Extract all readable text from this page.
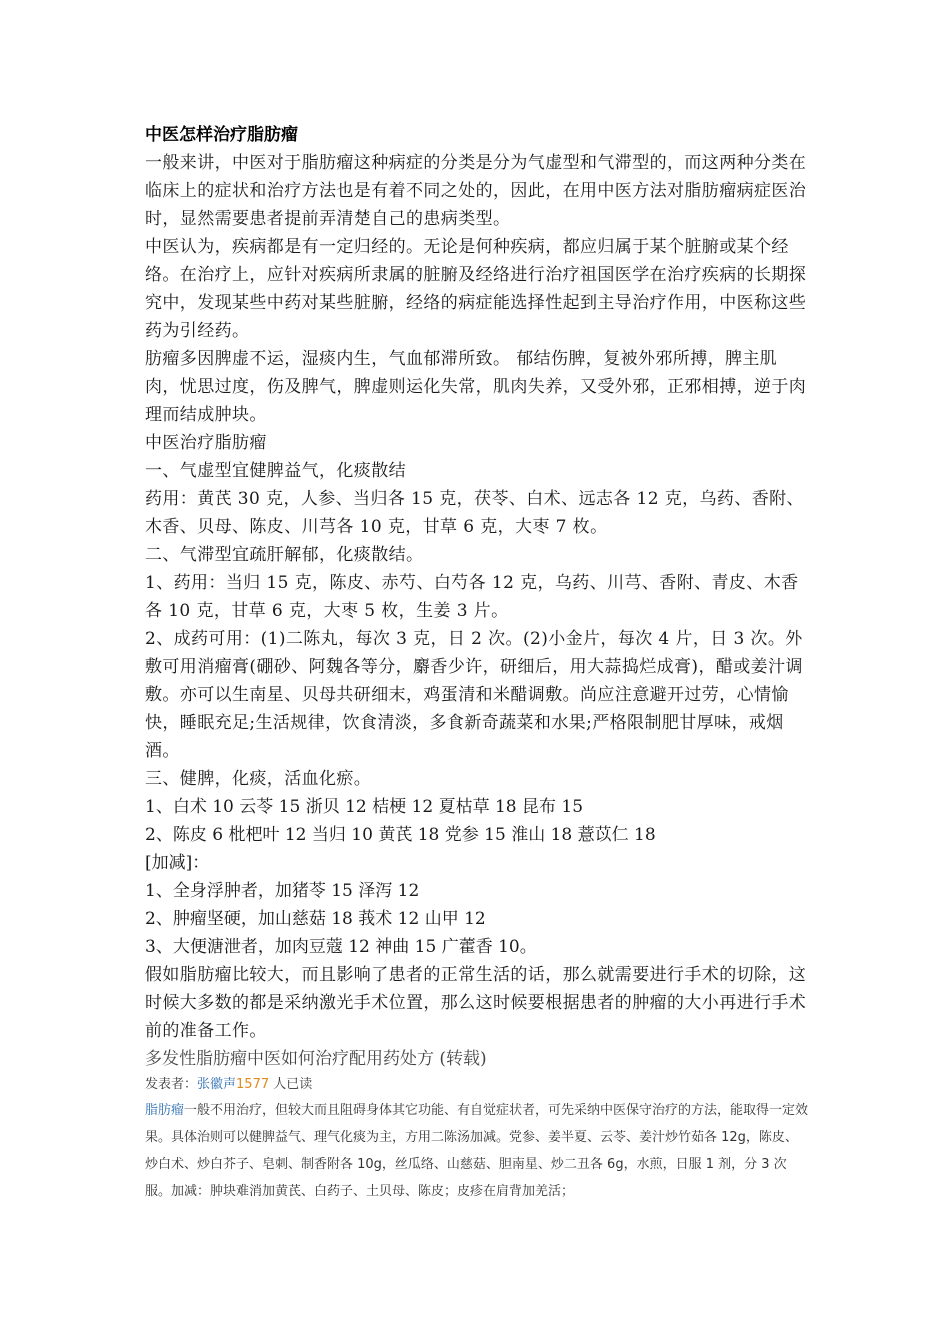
中医怎样治疗脂肪瘤

一般来讲，中医对于脂肪瘤这种病症的分类是分为气虚型和气滞型的，而这两种分类在临床上的症状和治疗方法也是有着不同之处的，因此，在用中医方法对脂肪瘤病症医治时，显然需要患者提前弄清楚自己的患病类型。

中医认为，疾病都是有一定归经的。无论是何种疾病，都应归属于某个脏腑或某个经络。在治疗上，应针对疾病所隶属的脏腑及经络进行治疗祖国医学在治疗疾病的长期探究中，发现某些中药对某些脏腑，经络的病症能选择性起到主导治疗作用，中医称这些药为引经药。

肪瘤多因脾虚不运，湿痰内生，气血郁滞所致。 郁结伤脾，复被外邪所搏，脾主肌肉，忧思过度，伤及脾气，脾虚则运化失常，肌肉失养，又受外邪，正邪相搏，逆于肉理而结成肿块。

中医治疗脂肪瘤

一、气虚型宜健脾益气，化痰散结

药用：黄芪 30 克，人参、当归各 15 克，茯苓、白术、远志各 12 克，乌药、香附、木香、贝母、陈皮、川芎各 10 克，甘草 6 克，大枣 7 枚。

二、气滞型宜疏肝解郁，化痰散结。

1、药用：当归 15 克，陈皮、赤芍、白芍各 12 克，乌药、川芎、香附、青皮、木香各 10 克，甘草 6 克，大枣 5 枚，生姜 3 片。

2、成药可用：(1)二陈丸，每次 3 克，日 2 次。(2)小金片，每次 4 片，日 3 次。外敷可用消瘤膏(硼砂、阿魏各等分，麝香少许，研细后，用大蒜捣烂成膏)，醋或姜汁调敷。亦可以生南星、贝母共研细末，鸡蛋清和米醋调敷。尚应注意避开过劳，心情愉快，睡眠充足;生活规律，饮食清淡，多食新奇蔬菜和水果;严格限制肥甘厚味，戒烟酒。

三、健脾，化痰，活血化瘀。

1、白术 10 云苓 15 浙贝 12 桔梗 12 夏枯草 18 昆布 15

2、陈皮 6 枇杷叶 12 当归 10 黄芪 18 党参 15 淮山 18 薏苡仁 18

[加减]：

1、全身浮肿者，加猪苓 15 泽泻 12

2、肿瘤坚硬，加山慈菇 18 莪术 12 山甲 12

3、大便溏泄者，加肉豆蔻 12 神曲 15 广藿香 10。

假如脂肪瘤比较大，而且影响了患者的正常生活的话，那么就需要进行手术的切除，这时候大多数的都是采纳激光手术位置，那么这时候要根据患者的肿瘤的大小再进行手术前的准备工作。

多发性脂肪瘤中医如何治疗配用药处方 (转载)

发表者：张徽声1577 人已读

脂肪瘤一般不用治疗，但较大而且阻碍身体其它功能、有自觉症状者，可先采纳中医保守治疗的方法，能取得一定效果。具体治则可以健脾益气、理气化痰为主，方用二陈汤加减。党参、姜半夏、云苓、姜汁炒竹茹各 12g，陈皮、炒白术、炒白芥子、皂刺、制香附各 10g，丝瓜络、山慈菇、胆南星、炒二丑各 6g，水煎，日服 1 剂，分 3 次服。加减：肿块难消加黄芪、白药子、土贝母、陈皮；皮疹在肩背加羌活；
